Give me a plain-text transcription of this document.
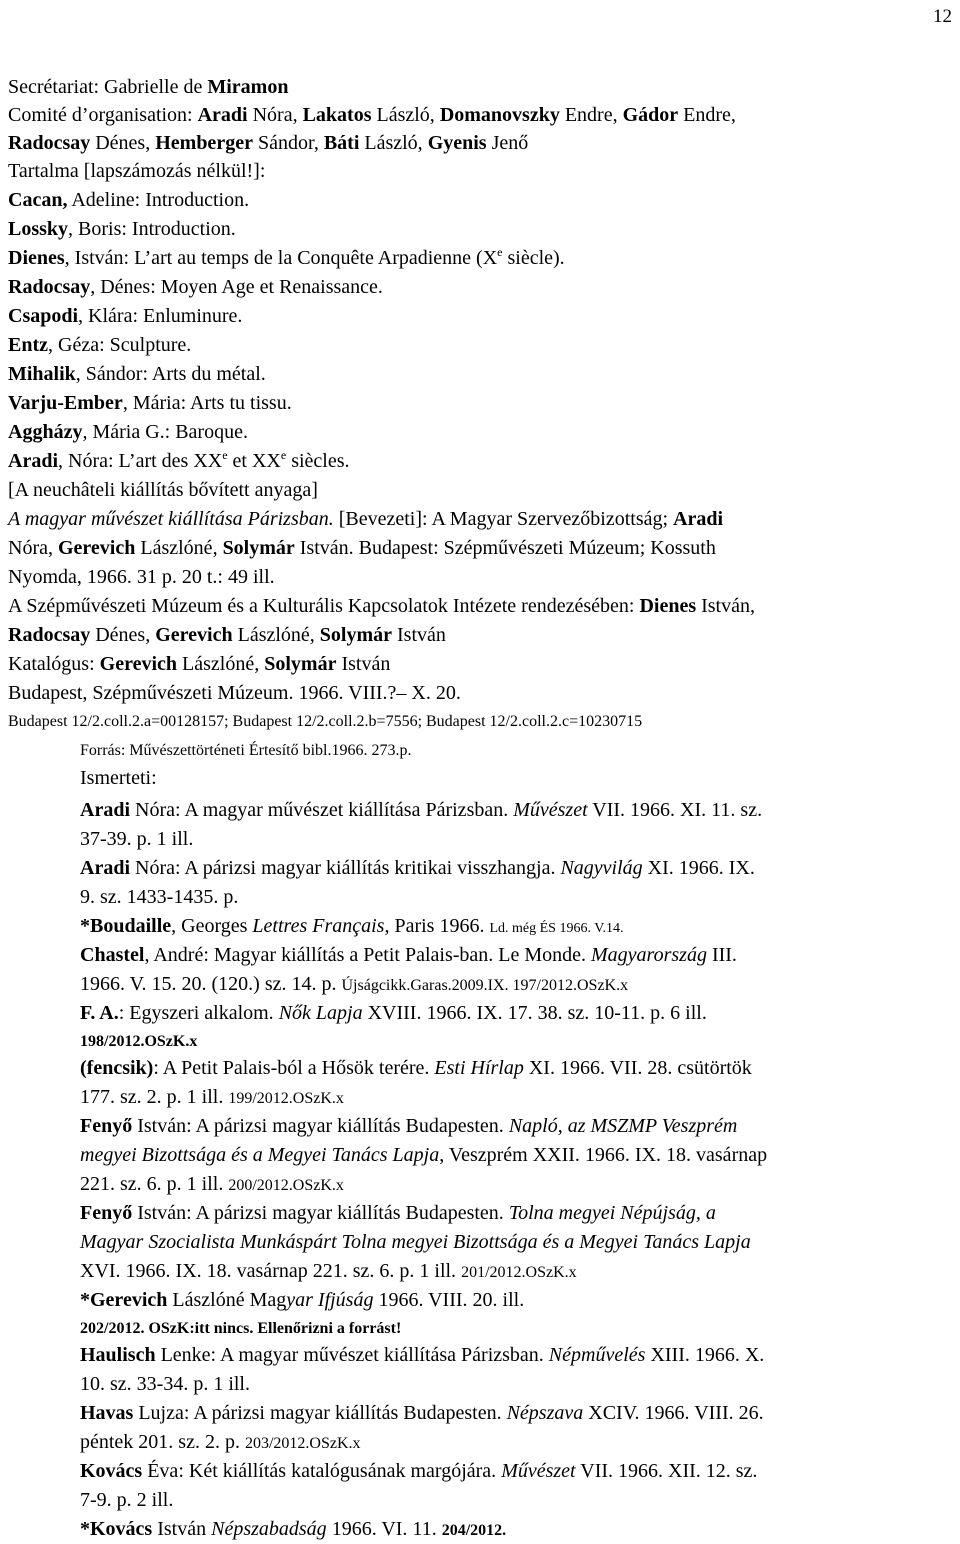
12
Secrétariat: Gabrielle de Miramon
Comité d’organisation: Aradi Nóra, Lakatos László, Domanovszky Endre, Gádor Endre,
Radocsay Dénes, Hemberger Sándor, Báti László, Gyenis Jenő
Tartalma [lapszámozás nélkül!]:
Cacan, Adeline: Introduction.
Lossky, Boris: Introduction.
Dienes, István: L’art au temps de la Conquête Arpadienne (Xe siècle).
Radocsay, Dénes: Moyen Age et Renaissance.
Csapodi, Klára: Enluminure.
Entz, Géza: Sculpture.
Mihalik, Sándor: Arts du métal.
Varju-Ember, Mária: Arts tu tissu.
Aggházy, Mária G.: Baroque.
Aradi, Nóra: L’art des XXe et XXe siècles.
[A neuchâteli kiállítás bővített anyaga]
A magyar művészet kiállítása Párizsban. [Bevezeti]: A Magyar Szervezőbizottság; Aradi
Nóra, Gerevich Lászlóné, Solymár István. Budapest: Szépművészeti Múzeum; Kossuth
Nyomda, 1966. 31 p. 20 t.: 49 ill.
A Szépművészeti Múzeum és a Kulturális Kapcsolatok Intézete rendezésében: Dienes István,
Radocsay Dénes, Gerevich Lászlóné, Solymár István
Katalógus: Gerevich Lászlóné, Solymár István
Budapest, Szépművészeti Múzeum. 1966. VIII.?– X. 20.
Budapest 12/2.coll.2.a=00128157; Budapest 12/2.coll.2.b=7556; Budapest 12/2.coll.2.c=10230715
Forrás: Művészettörténeti Értesítő bibl.1966. 273.p.
Ismerteti:
Aradi Nóra: A magyar művészet kiállítása Párizsban. Művészet VII. 1966. XI. 11. sz.
37-39. p. 1 ill.
Aradi Nóra: A párizsi magyar kiállítás kritikai visszhangja. Nagyvilág XI. 1966. IX.
9. sz. 1433-1435. p.
*Boudaille, Georges Lettres Français, Paris 1966. Ld. még ÉS 1966. V.14.
Chastel, André: Magyar kiállítás a Petit Palais-ban. Le Monde. Magyarország III.
1966. V. 15. 20. (120.) sz. 14. p. Újságcikk.Garas.2009.IX. 197/2012.OSzK.x
F. A.: Egyszeri alkalom. Nők Lapja XVIII. 1966. IX. 17. 38. sz. 10-11. p. 6 ill.
198/2012.OSzK.x
(fencsik): A Petit Palais-ból a Hősök terére. Esti Hírlap XI. 1966. VII. 28. csütörtök
177. sz. 2. p. 1 ill. 199/2012.OSzK.x
Fenyő István: A párizsi magyar kiállítás Budapesten. Napló, az MSZMP Veszprém
megyei Bizottsága és a Megyei Tanács Lapja, Veszprém XXII. 1966. IX. 18. vasárnap
221. sz. 6. p. 1 ill. 200/2012.OSzK.x
Fenyő István: A párizsi magyar kiállítás Budapesten. Tolna megyei Népújság, a
Magyar Szocialista Munkáspárt Tolna megyei Bizottsága és a Megyei Tanács Lapja
XVI. 1966. IX. 18. vasárnap 221. sz. 6. p. 1 ill. 201/2012.OSzK.x
*Gerevich Lászlóné Magyar Ifjúság 1966. VIII. 20. ill.
202/2012. OSzK:itt nincs. Ellenőrizni a forrást!
Haulisch Lenke: A magyar művészet kiállítása Párizsban. Népművelés XIII. 1966. X.
10. sz. 33-34. p. 1 ill.
Havas Lujza: A párizsi magyar kiállítás Budapesten. Népszava XCIV. 1966. VIII. 26.
péntek 201. sz. 2. p. 203/2012.OSzK.x
Kovács Éva: Két kiállítás katalógusának margójára. Művészet VII. 1966. XII. 12. sz.
7-9. p. 2 ill.
*Kovács István Népszabadság 1966. VI. 11. 204/2012.
